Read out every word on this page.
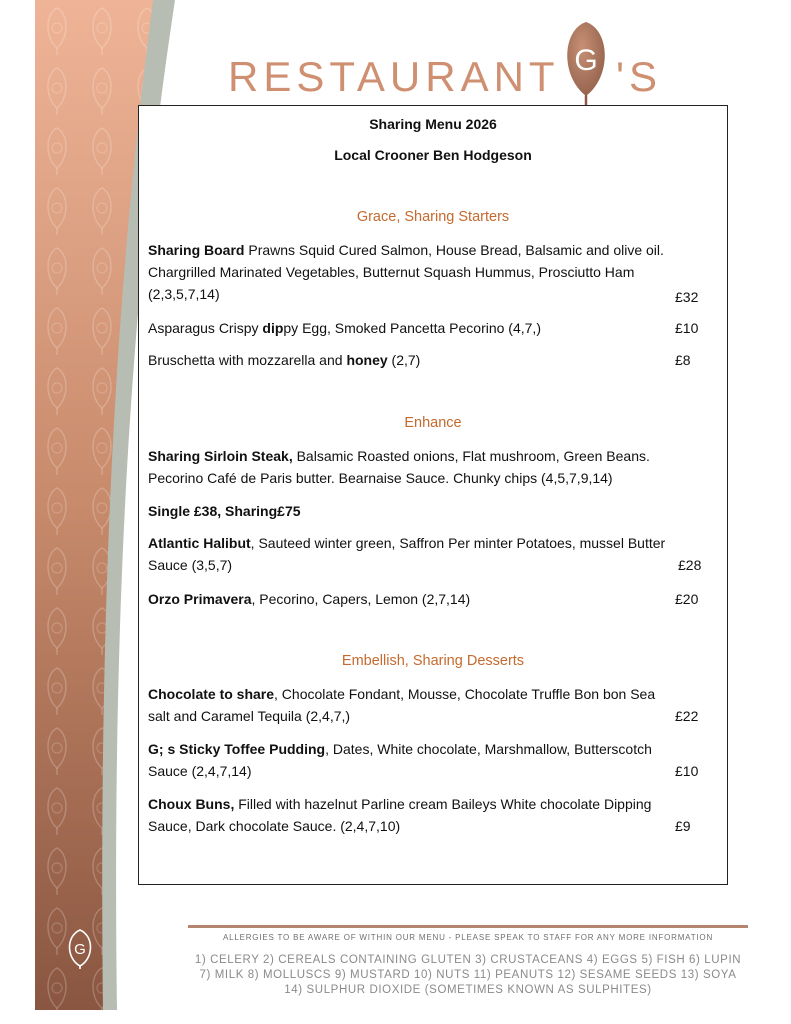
RESTAURANT G 'S
Sharing Menu 2026
Local Crooner Ben Hodgeson
Grace, Sharing Starters
Sharing Board Prawns Squid Cured Salmon, House Bread, Balsamic and olive oil.
Chargrilled Marinated Vegetables, Butternut Squash Hummus, Prosciutto Ham
(2,3,5,7,14)	£32
Asparagus Crispy dippy Egg, Smoked Pancetta Pecorino (4,7,)	£10
Bruschetta with mozzarella and honey (2,7)	£8
Enhance
Sharing Sirloin Steak, Balsamic Roasted onions, Flat mushroom, Green Beans.
Pecorino Café de Paris butter. Bearnaise Sauce. Chunky chips (4,5,7,9,14)
Single £38, Sharing£75
Atlantic Halibut, Sauteed winter green, Saffron Per minter Potatoes, mussel Butter
Sauce (3,5,7)	£28
Orzo Primavera, Pecorino, Capers, Lemon (2,7,14)	£20
Embellish, Sharing Desserts
Chocolate to share, Chocolate Fondant, Mousse, Chocolate Truffle Bon bon Sea
salt and Caramel Tequila (2,4,7,)	£22
G; s Sticky Toffee Pudding, Dates, White chocolate, Marshmallow, Butterscotch
Sauce (2,4,7,14)	£10
Choux Buns, Filled with hazelnut Parline cream Baileys White chocolate Dipping
Sauce, Dark chocolate Sauce. (2,4,7,10)	£9
G
ALLERGIES TO BE AWARE OF WITHIN OUR MENU - PLEASE SPEAK TO STAFF FOR ANY MORE INFORMATION
1) CELERY 2) CEREALS CONTAINING GLUTEN 3) CRUSTACEANS 4) EGGS 5) FISH 6) LUPIN
7) MILK 8) MOLLUSCS 9) MUSTARD 10) NUTS 11) PEANUTS 12) SESAME SEEDS 13) SOYA
14) SULPHUR DIOXIDE (SOMETIMES KNOWN AS SULPHITES)
